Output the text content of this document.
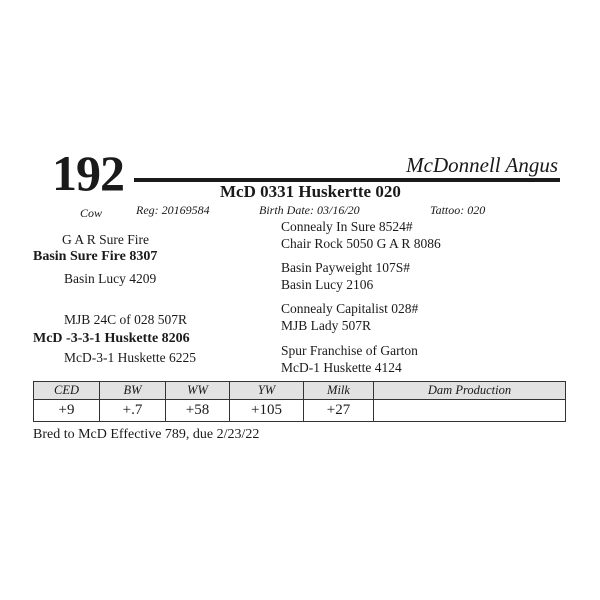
192	McDonnell Angus
McD 0331 Huskertte 020
Cow	Reg: 20169584	Birth Date: 03/16/20	Tattoo: 020
G A R Sure Fire
Basin Sure Fire 8307
Basin Lucy 4209
MJB 24C of 028 507R
McD -3-3-1 Huskette 8206
McD-3-1 Huskette 6225
Connealy In Sure 8524#
Chair Rock 5050 G A R 8086
Basin Payweight 107S#
Basin Lucy 2106
Connealy Capitalist 028#
MJB Lady 507R
Spur Franchise of Garton
McD-1 Huskette 4124
CED	BW	WW	YW	Milk	Dam Production
+9	+.7	+58	+105	+27	
Bred to McD Effective 789, due 2/23/22
